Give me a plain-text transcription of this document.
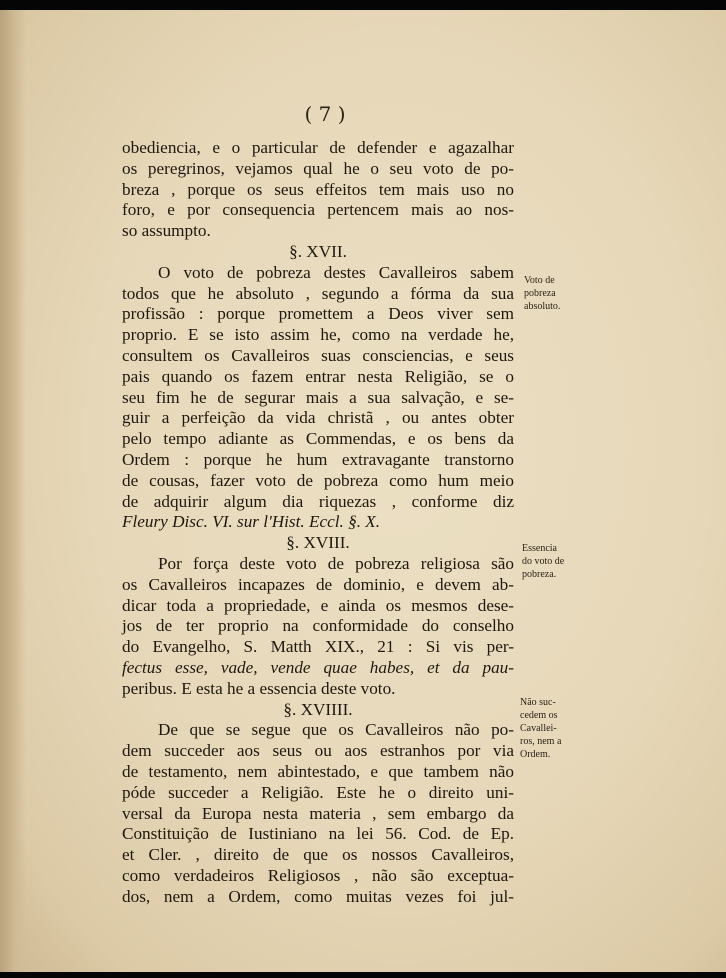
( 7 )
obediencia, e o particular de defender e agazalhar
os peregrinos, vejamos qual he o seu voto de po-
breza , porque os seus effeitos tem mais uso no
foro, e por consequencia pertencem mais ao nos-
so assumpto.
§. XVII.
O voto de pobreza destes Cavalleiros sabem
todos que he absoluto , segundo a fórma da sua
profissão : porque promettem a Deos viver sem
proprio. E se isto assim he, como na verdade he,
consultem os Cavalleiros suas consciencias, e seus
pais quando os fazem entrar nesta Religião, se o
seu fim he de segurar mais a sua salvação, e se-
guir a perfeição da vida christã , ou antes obter
pelo tempo adiante as Commendas, e os bens da
Ordem : porque he hum extravagante transtorno
de cousas, fazer voto de pobreza como hum meio
de adquirir algum dia riquezas , conforme diz
Fleury Disc. VI. sur l'Hist. Eccl. §. X.
§. XVIII.
Por força deste voto de pobreza religiosa são
os Cavalleiros incapazes de dominio, e devem ab-
dicar toda a propriedade, e ainda os mesmos dese-
jos de ter proprio na conformidade do conselho
do Evangelho, S. Matth XIX., 21 : Si vis per-
fectus esse, vade, vende quae habes, et da pau-
peribus. E esta he a essencia deste voto.
§. XVIIII.
De que se segue que os Cavalleiros não po-
dem succeder aos seus ou aos estranhos por via
de testamento, nem abintestado, e que tambem não
póde succeder a Religião. Este he o direito uni-
versal da Europa nesta materia , sem embargo da
Constituição de Iustiniano na lei 56. Cod. de Ep.
et Cler. , direito de que os nossos Cavalleiros,
como verdadeiros Religiosos , não são exceptua-
dos, nem a Ordem, como muitas vezes foi jul-
Voto de
pobreza
absoluto.
Essencia
do voto de
pobreza.
Não suc-
cedem os
Cavallei-
ros, nem a
Ordem.
